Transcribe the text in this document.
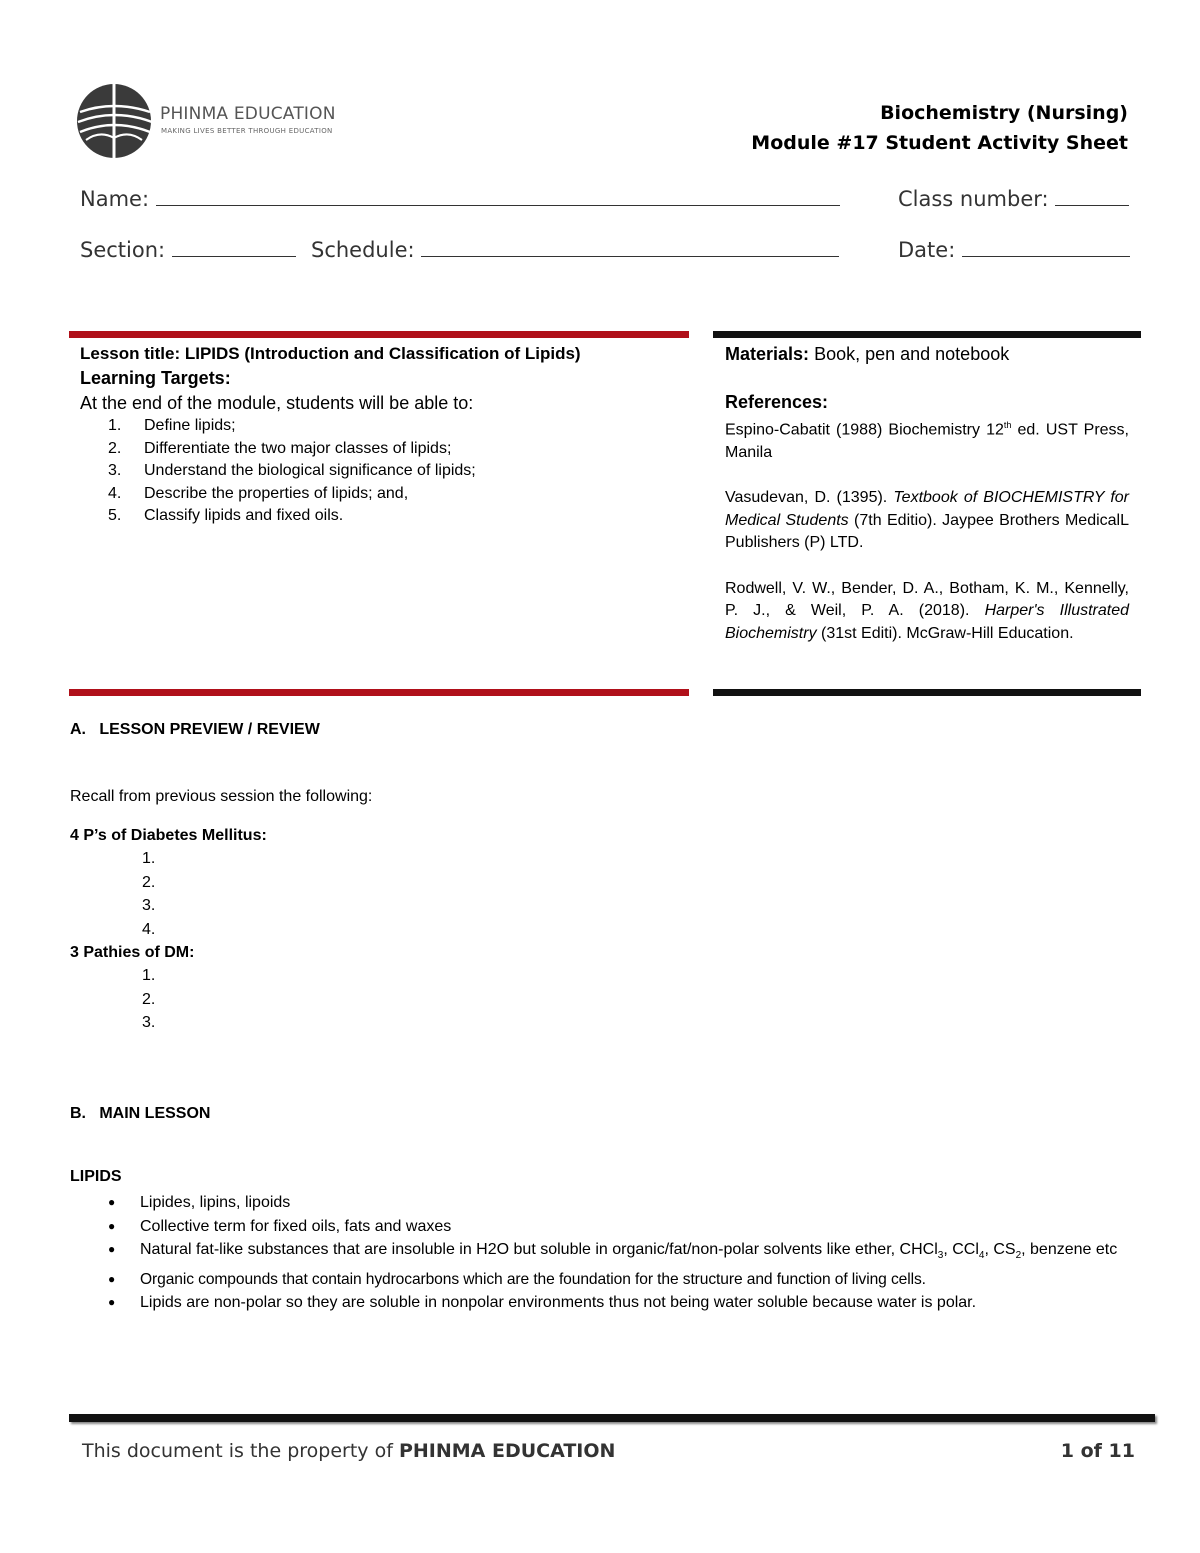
PHINMA EDUCATION
MAKING LIVES BETTER THROUGH EDUCATION
Biochemistry (Nursing)
Module #17 Student Activity Sheet
Name:	Class number:
Section:	Schedule:	Date:
Lesson title: LIPIDS (Introduction and Classification of Lipids)
Learning Targets:
At the end of the module, students will be able to:
1. Define lipids;
2. Differentiate the two major classes of lipids;
3. Understand the biological significance of lipids;
4. Describe the properties of lipids; and,
5. Classify lipids and fixed oils.
Materials: Book, pen and notebook
References:
Espino-Cabatit (1988) Biochemistry 12th ed. UST Press, Manila
Vasudevan, D. (1395). Textbook of BIOCHEMISTRY for Medical Students (7th Editio). Jaypee Brothers MedicalL Publishers (P) LTD.
Rodwell, V. W., Bender, D. A., Botham, K. M., Kennelly, P. J., & Weil, P. A. (2018). Harper's Illustrated Biochemistry (31st Editi). McGraw-Hill Education.
A.   LESSON PREVIEW / REVIEW
Recall from previous session the following:
4 P’s of Diabetes Mellitus:
1.
2.
3.
4.
3 Pathies of DM:
1.
2.
3.
B.   MAIN LESSON
LIPIDS
● Lipides, lipins, lipoids
● Collective term for fixed oils, fats and waxes
● Natural fat-like substances that are insoluble in H2O but soluble in organic/fat/non-polar solvents like ether, CHCl$_3$, CCl$_4$, $CS_2$, benzene etc
● Organic compounds that contain hydrocarbons which are the foundation for the structure and function of living cells.
● Lipids are non-polar so they are soluble in nonpolar environments thus not being water soluble because water is polar.
This document is the property of PHINMA EDUCATION	1 of 11
